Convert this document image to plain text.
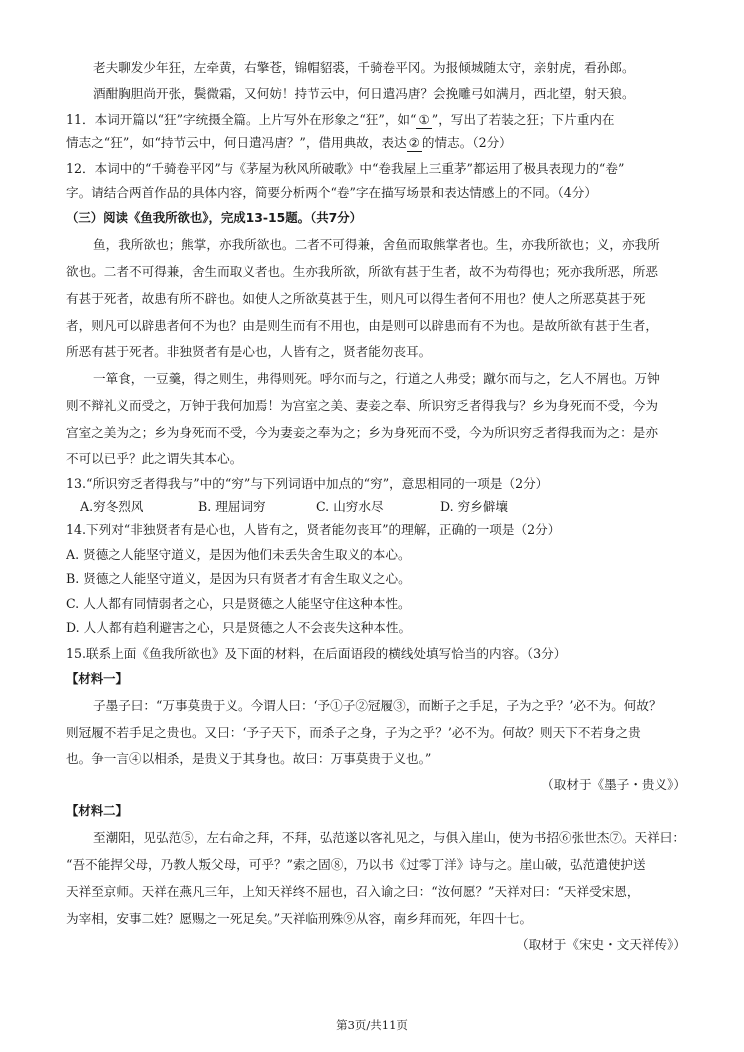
老夫聊发少年狂，左牵黄，右擎苍，锦帽貂裘，千骑卷平冈。为报倾城随太守，亲射虎，看孙郎。
酒酣胸胆尚开张，鬓微霜，又何妨！持节云中，何日遣冯唐？会挽雕弓如满月，西北望，射天狼。
11．本词开篇以“狂”字统摄全篇。上片写外在形象之“狂”，如“①”，写出了若装之狂；下片重内在
情志之“狂”，如“持节云中，何日遣冯唐？”，借用典故，表达 ② 的情志。（2分）
12．本词中的“千骑卷平冈”与《茅屋为秋风所破歌》中“卷我屋上三重茅”都运用了极具表现力的“卷”
字。请结合两首作品的具体内容，简要分析两个“卷”字在描写场景和表达情感上的不同。（4分）
（三）阅读《鱼我所欲也》，完成13-15题。（共7分）
鱼，我所欲也；熊掌，亦我所欲也。二者不可得兼，舍鱼而取熊掌者也。生，亦我所欲也；义，亦我所
欲也。二者不可得兼，舍生而取义者也。生亦我所欲，所欲有甚于生者，故不为苟得也；死亦我所恶，所恶
有甚于死者，故患有所不辟也。如使人之所欲莫甚于生，则凡可以得生者何不用也？使人之所恶莫甚于死
者，则凡可以辟患者何不为也？由是则生而有不用也，由是则可以辟患而有不为也。是故所欲有甚于生者，
所恶有甚于死者。非独贤者有是心也，人皆有之，贤者能勿丧耳。
一箪食，一豆羹，得之则生，弗得则死。呼尔而与之，行道之人弗受；蹴尔而与之，乞人不屑也。万钟
则不辩礼义而受之，万钟于我何加焉！为宫室之美、妻妾之奉、所识穷乏者得我与？乡为身死而不受，今为
宫室之美为之；乡为身死而不受，今为妻妾之奉为之；乡为身死而不受，今为所识穷乏者得我而为之：是亦
不可以已乎？此之谓失其本心。
13.“所识穷乏者得我与”中的“穷”与下列词语中加点的“穷”，意思相同的一项是（2分）
A.穷冬烈风	B. 理屈词穷	C. 山穷水尽	D. 穷乡僻壤
14.下列对“非独贤者有是心也，人皆有之，贤者能勿丧耳”的理解，正确的一项是（2分）
A. 贤德之人能坚守道义，是因为他们未丢失舍生取义的本心。
B. 贤德之人能坚守道义，是因为只有贤者才有舍生取义之心。
C. 人人都有同情弱者之心，只是贤德之人能坚守住这种本性。
D. 人人都有趋利避害之心，只是贤德之人不会丧失这种本性。
15.联系上面《鱼我所欲也》及下面的材料，在后面语段的横线处填写恰当的内容。（3分）
【材料一】
子墨子曰：“万事莫贵于义。今谓人曰：‘予①子②冠履③，而断子之手足，子为之乎？’必不为。何故？
则冠履不若手足之贵也。又曰：‘予子天下，而杀子之身，子为之乎？’必不为。何故？则天下不若身之贵
也。争一言④以相杀，是贵义于其身也。故曰：万事莫贵于义也。”
（取材于《墨子・贵义》）
【材料二】
至潮阳，见弘范⑤，左右命之拜，不拜，弘范遂以客礼见之，与俱入崖山，使为书招⑥张世杰⑦。天祥曰：
“吾不能捍父母，乃教人叛父母，可乎？”索之固⑧，乃以书《过零丁洋》诗与之。崖山破，弘范遣使护送
天祥至京师。天祥在燕凡三年，上知天祥终不屈也，召入谕之曰：“汝何愿？”天祥对曰：“天祥受宋恩，
为宰相，安事二姓？愿赐之一死足矣。”天祥临刑殊⑨从容，南乡拜而死，年四十七。
（取材于《宋史・文天祥传》）
第3页/共11页
